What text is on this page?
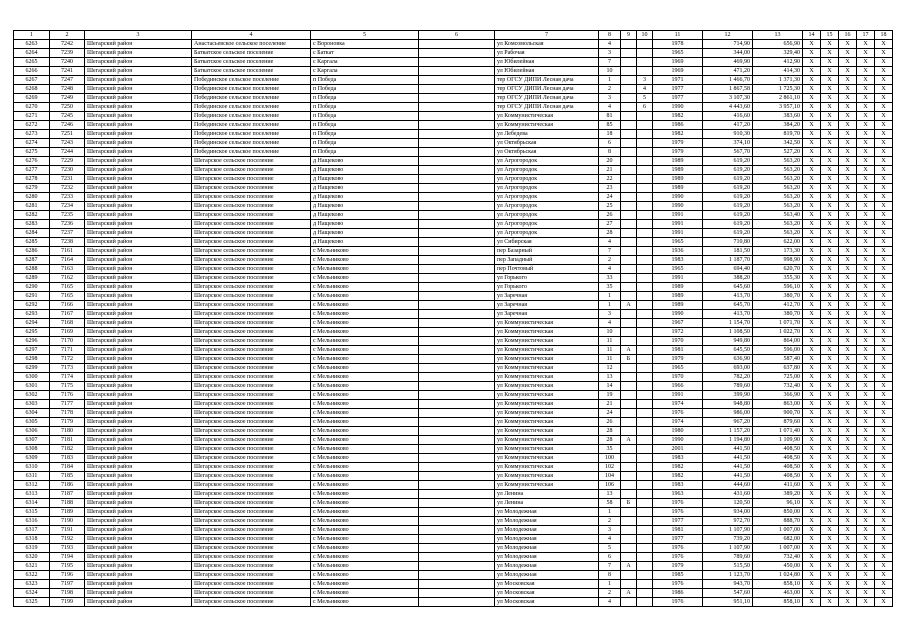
1	2	3	4	5	6	7	8	9	10	11	12	13	14	15	16	17	18
6263	7242	Шегарский район	Анастасьевское сельское поселение	с Вороновка		ул Комсомольская	4			1978	714,90	656,90	X	X	X	X	X
6264	7239	Шегарский район	Баткатское сельское поселение	с Баткат		ул Рабочая	3			1965	344,00	329,40	X	X	X	X	X
6265	7240	Шегарский район	Баткатское сельское поселение	с Каргала		ул Юбилейная	7			1969	469,90	412,90	X	X	X	X	X
6266	7241	Шегарский район	Баткатское сельское поселение	с Каргала		ул Юбилейная	10			1969	471,20	414,30	X	X	X	X	X
6267	7247	Шегарский район	Побединское сельское поселение	п Победа		тер ОГСУ ДИПИ Лесная дача	1		3	1971	1 466,70	1 371,30	X	X	X	X	X
6268	7248	Шегарский район	Побединское сельское поселение	п Победа		тер ОГСУ ДИПИ Лесная дача	2		4	1977	1 867,58	1 725,30	X	X	X	X	X
6269	7249	Шегарский район	Побединское сельское поселение	п Победа		тер ОГСУ ДИПИ Лесная дача	3		5	1977	3 107,30	2 861,10	X	X	X	X	X
6270	7250	Шегарский район	Побединское сельское поселение	п Победа		тер ОГСУ ДИПИ Лесная дача	4		6	1990	4 443,60	3 957,10	X	X	X	X	X
6271	7245	Шегарский район	Побединское сельское поселение	п Победа		ул Коммунистическая	81			1982	416,60	383,60	X	X	X	X	X
6272	7246	Шегарский район	Побединское сельское поселение	п Победа		ул Коммунистическая	85			1986	417,20	384,20	X	X	X	X	X
6273	7251	Шегарский район	Побединское сельское поселение	п Победа		ул Лебедева	18			1982	910,30	819,70	X	X	X	X	X
6274	7243	Шегарский район	Побединское сельское поселение	п Победа		ул Октябрьская	6			1979	374,10	342,50	X	X	X	X	X
6275	7244	Шегарский район	Побединское сельское поселение	п Победа		ул Октябрьская	8			1979	567,70	527,20	X	X	X	X	X
6276	7229	Шегарский район	Шегарское сельское поселение	д Нащеково		ул Агрогородок	20			1989	619,20	563,20	X	X	X	X	X
6277	7230	Шегарский район	Шегарское сельское поселение	д Нащеково		ул Агрогородок	21			1989	619,20	563,20	X	X	X	X	X
6278	7231	Шегарский район	Шегарское сельское поселение	д Нащеково		ул Агрогородок	22			1989	619,20	563,20	X	X	X	X	X
6279	7232	Шегарский район	Шегарское сельское поселение	д Нащеково		ул Агрогородок	23			1989	619,20	563,20	X	X	X	X	X
6280	7233	Шегарский район	Шегарское сельское поселение	д Нащеково		ул Агрогородок	24			1990	619,20	563,20	X	X	X	X	X
6281	7234	Шегарский район	Шегарское сельское поселение	д Нащеково		ул Агрогородок	25			1990	619,20	563,20	X	X	X	X	X
6282	7235	Шегарский район	Шегарское сельское поселение	д Нащеково		ул Агрогородок	26			1991	619,20	563,40	X	X	X	X	X
6283	7236	Шегарский район	Шегарское сельское поселение	д Нащеково		ул Агрогородок	27			1991	619,20	563,20	X	X	X	X	X
6284	7237	Шегарский район	Шегарское сельское поселение	д Нащеково		ул Агрогородок	28			1991	619,20	563,20	X	X	X	X	X
6285	7238	Шегарский район	Шегарское сельское поселение	д Нащеково		ул Сибирская	4			1965	710,80	622,00	X	X	X	X	X
6286	7161	Шегарский район	Шегарское сельское поселение	с Мельниково		пер Базарный	7			1936	181,50	173,30	X	X	X	X	X
6287	7164	Шегарский район	Шегарское сельское поселение	с Мельниково		пер Западный	2			1983	1 187,70	998,90	X	X	X	X	X
6288	7163	Шегарский район	Шегарское сельское поселение	с Мельниково		пер Почтовый	4			1965	694,40	620,70	X	X	X	X	X
6289	7162	Шегарский район	Шегарское сельское поселение	с Мельниково		ул Горького	33			1991	388,20	355,30	X	X	X	X	X
6290	7165	Шегарский район	Шегарское сельское поселение	с Мельниково		ул Горького	35			1989	645,60	596,10	X	X	X	X	X
6291	7165	Шегарский район	Шегарское сельское поселение	с Мельниково		ул Заречная	1			1989	413,70	380,70	X	X	X	X	X
6292	7166	Шегарский район	Шегарское сельское поселение	с Мельниково		ул Заречная	1	А		1989	645,70	412,70	X	X	X	X	X
6293	7167	Шегарский район	Шегарское сельское поселение	с Мельниково		ул Заречная	3			1990	413,70	380,70	X	X	X	X	X
6294	7168	Шегарский район	Шегарское сельское поселение	с Мельниково		ул Коммунистическая	4			1967	1 154,70	1 071,70	X	X	X	X	X
6295	7169	Шегарский район	Шегарское сельское поселение	с Мельниково		ул Коммунистическая	10			1972	1 108,50	1 022,70	X	X	X	X	X
6296	7170	Шегарский район	Шегарское сельское поселение	с Мельниково		ул Коммунистическая	11			1970	949,80	864,00	X	X	X	X	X
6297	7171	Шегарский район	Шегарское сельское поселение	с Мельниково		ул Коммунистическая	11	А		1981	645,50	596,00	X	X	X	X	X
6298	7172	Шегарский район	Шегарское сельское поселение	с Мельниково		ул Коммунистическая	11	Б		1979	636,90	587,40	X	X	X	X	X
6299	7173	Шегарский район	Шегарское сельское поселение	с Мельниково		ул Коммунистическая	12			1965	693,00	637,80	X	X	X	X	X
6300	7174	Шегарский район	Шегарское сельское поселение	с Мельниково		ул Коммунистическая	13			1970	782,20	725,00	X	X	X	X	X
6301	7175	Шегарский район	Шегарское сельское поселение	с Мельниково		ул Коммунистическая	14			1966	789,60	732,40	X	X	X	X	X
6302	7176	Шегарский район	Шегарское сельское поселение	с Мельниково		ул Коммунистическая	19			1991	399,90	366,90	X	X	X	X	X
6303	7177	Шегарский район	Шегарское сельское поселение	с Мельниково		ул Коммунистическая	21			1974	948,80	863,00	X	X	X	X	X
6304	7178	Шегарский район	Шегарское сельское поселение	с Мельниково		ул Коммунистическая	24			1976	986,00	900,70	X	X	X	X	X
6305	7179	Шегарский район	Шегарское сельское поселение	с Мельниково		ул Коммунистическая	26			1974	967,20	879,60	X	X	X	X	X
6306	7180	Шегарский район	Шегарское сельское поселение	с Мельниково		ул Коммунистическая	28			1980	1 157,20	1 071,40	X	X	X	X	X
6307	7181	Шегарский район	Шегарское сельское поселение	с Мельниково		ул Коммунистическая	28	А		1990	1 194,80	1 109,90	X	X	X	X	X
6308	7182	Шегарский район	Шегарское сельское поселение	с Мельниково		ул Коммунистическая	35			2001	441,50	408,50	X	X	X	X	X
6309	7183	Шегарский район	Шегарское сельское поселение	с Мельниково		ул Коммунистическая	100			1983	441,50	408,50	X	X	X	X	X
6310	7184	Шегарский район	Шегарское сельское поселение	с Мельниково		ул Коммунистическая	102			1982	441,50	408,50	X	X	X	X	X
6311	7185	Шегарский район	Шегарское сельское поселение	с Мельниково		ул Коммунистическая	104			1982	441,50	408,50	X	X	X	X	X
6312	7186	Шегарский район	Шегарское сельское поселение	с Мельниково		ул Коммунистическая	106			1983	444,60	411,60	X	X	X	X	X
6313	7187	Шегарский район	Шегарское сельское поселение	с Мельниково		ул Ленина	13			1963	431,60	389,20	X	X	X	X	X
6314	7188	Шегарский район	Шегарское сельское поселение	с Мельниково		ул Ленина	58	Б		1976	120,50	96,10	X	X	X	X	X
6315	7189	Шегарский район	Шегарское сельское поселение	с Мельниково		ул Молодежная	1			1976	934,00	850,00	X	X	X	X	X
6316	7190	Шегарский район	Шегарское сельское поселение	с Мельниково		ул Молодежная	2			1977	972,70	888,70	X	X	X	X	X
6317	7191	Шегарский район	Шегарское сельское поселение	с Мельниково		ул Молодежная	3			1981	1 107,90	1 007,00	X	X	X	X	X
6318	7192	Шегарский район	Шегарское сельское поселение	с Мельниково		ул Молодежная	4			1977	739,20	682,00	X	X	X	X	X
6319	7193	Шегарский район	Шегарское сельское поселение	с Мельниково		ул Молодежная	5			1976	1 107,90	1 007,00	X	X	X	X	X
6320	7194	Шегарский район	Шегарское сельское поселение	с Мельниково		ул Молодежная	6			1976	789,60	732,40	X	X	X	X	X
6321	7195	Шегарский район	Шегарское сельское поселение	с Мельниково		ул Молодежная	7	А		1979	515,50	450,00	X	X	X	X	X
6322	7196	Шегарский район	Шегарское сельское поселение	с Мельниково		ул Молодежная	8			1985	1 123,70	1 024,80	X	X	X	X	X
6323	7197	Шегарский район	Шегарское сельское поселение	с Мельниково		ул Московская	1			1976	943,70	858,10	X	X	X	X	X
6324	7198	Шегарский район	Шегарское сельское поселение	с Мельниково		ул Московская	2	А		1986	547,60	463,00	X	X	X	X	X
6325	7199	Шегарский район	Шегарское сельское поселение	с Мельниково		ул Московская	4			1976	951,10	858,10	X	X	X	X	X
